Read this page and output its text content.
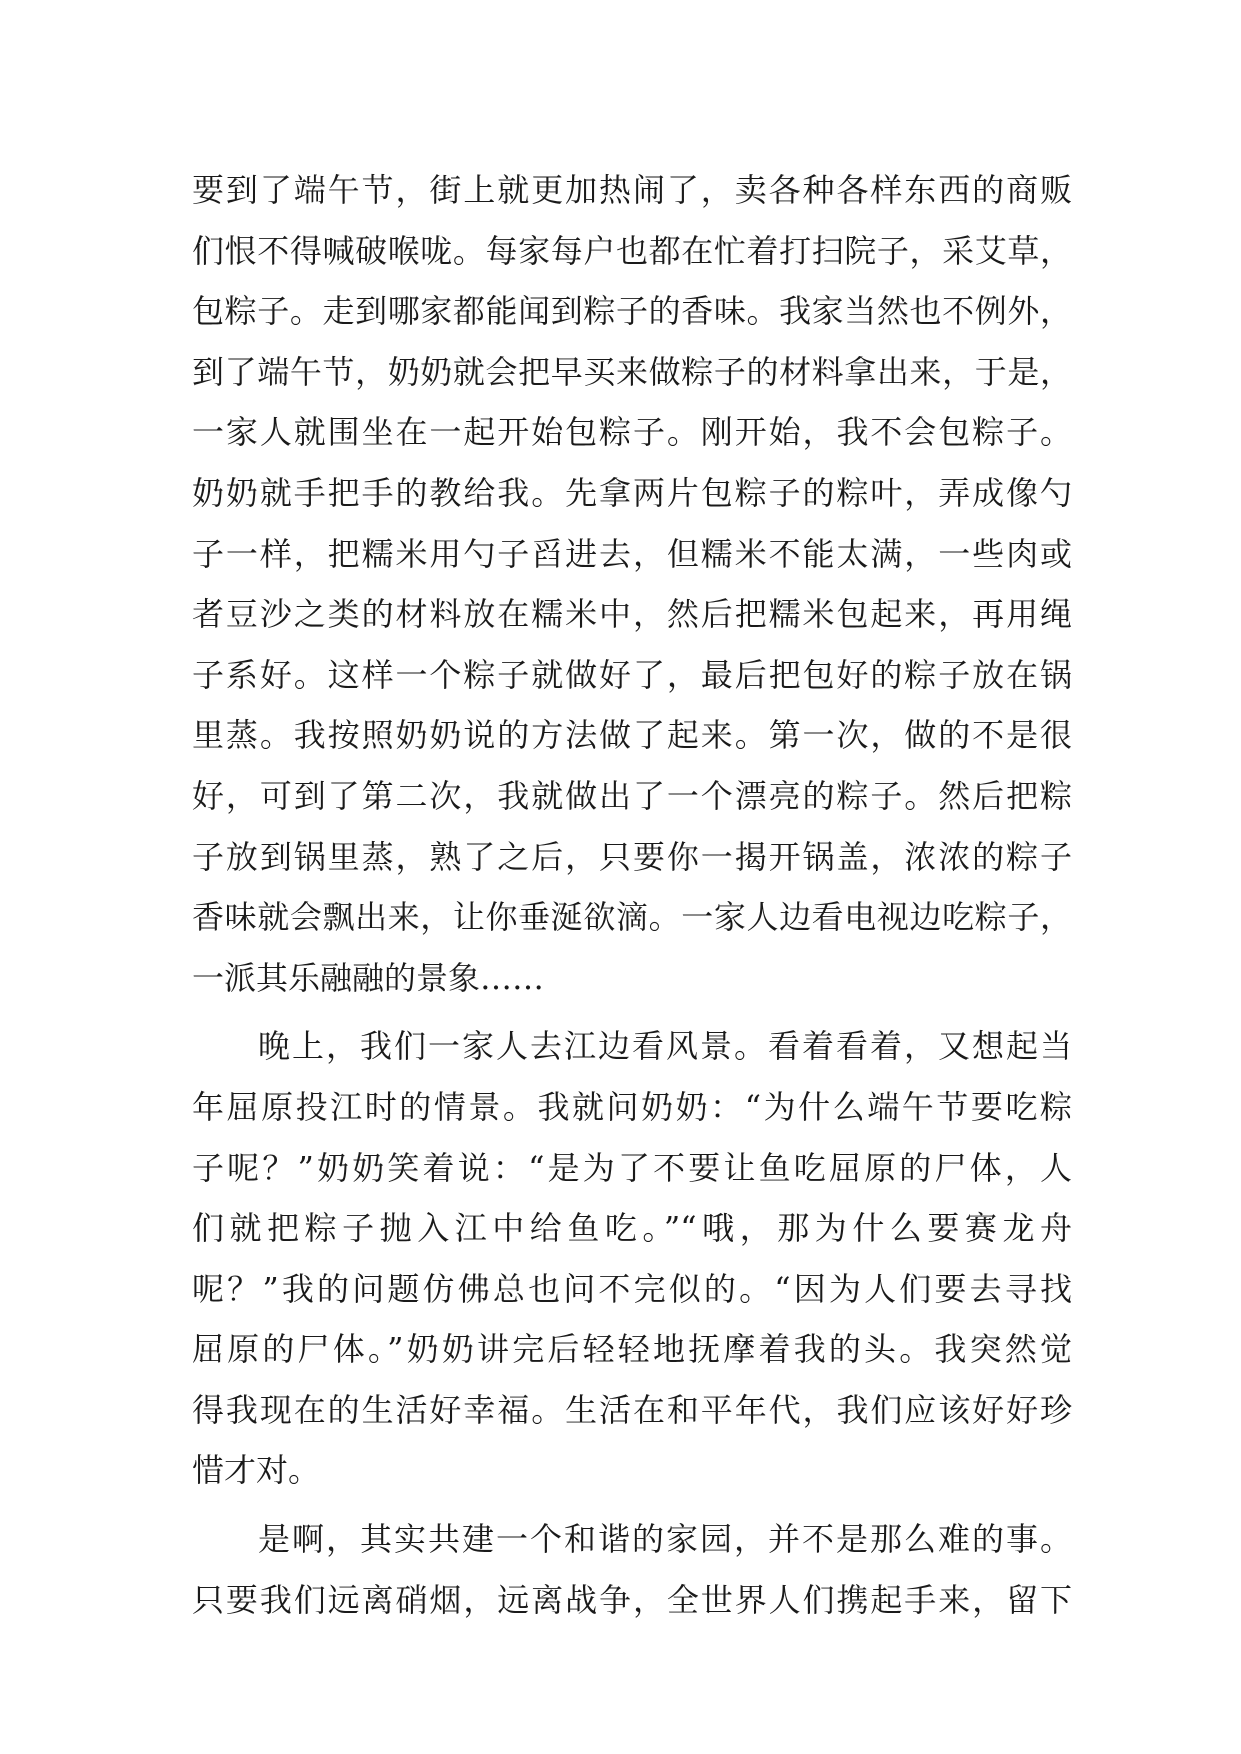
要到了端午节，街上就更加热闹了，卖各种各样东西的商贩
们恨不得喊破喉咙。每家每户也都在忙着打扫院子，采艾草，
包粽子。走到哪家都能闻到粽子的香味。我家当然也不例外，
到了端午节，奶奶就会把早买来做粽子的材料拿出来，于是，
一家人就围坐在一起开始包粽子。刚开始，我不会包粽子。
奶奶就手把手的教给我。先拿两片包粽子的粽叶，弄成像勺
子一样，把糯米用勺子舀进去，但糯米不能太满，一些肉或
者豆沙之类的材料放在糯米中，然后把糯米包起来，再用绳
子系好。这样一个粽子就做好了，最后把包好的粽子放在锅
里蒸。我按照奶奶说的方法做了起来。第一次，做的不是很
好，可到了第二次，我就做出了一个漂亮的粽子。然后把粽
子放到锅里蒸，熟了之后，只要你一揭开锅盖，浓浓的粽子
香味就会飘出来，让你垂涎欲滴。一家人边看电视边吃粽子，
一派其乐融融的景象……
晚上，我们一家人去江边看风景。看着看着，又想起当
年屈原投江时的情景。我就问奶奶：“为什么端午节要吃粽
子呢？”奶奶笑着说：“是为了不要让鱼吃屈原的尸体，人
们就把粽子抛入江中给鱼吃。”“哦，那为什么要赛龙舟
呢？”我的问题仿佛总也问不完似的。“因为人们要去寻找
屈原的尸体。”奶奶讲完后轻轻地抚摩着我的头。我突然觉
得我现在的生活好幸福。生活在和平年代，我们应该好好珍
惜才对。
是啊，其实共建一个和谐的家园，并不是那么难的事。
只要我们远离硝烟，远离战争，全世界人们携起手来，留下
